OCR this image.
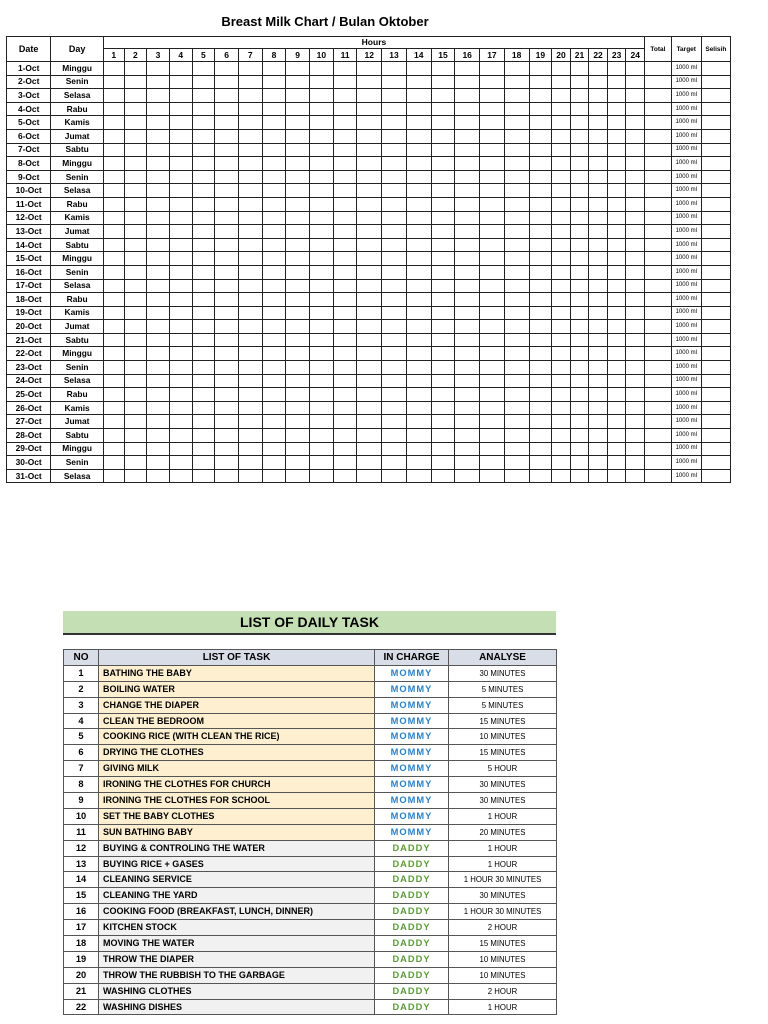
Breast Milk Chart / Bulan Oktober
Date	Day	Hours																								Total	Target	Selisih
		1	2	3	4	5	6	7	8	9	10	11	12	13	14	15	16	17	18	19	20	21	22	23	24			
1-Oct	Minggu																										1000 ml	
2-Oct	Senin																										1000 ml	
3-Oct	Selasa																										1000 ml	
4-Oct	Rabu																										1000 ml	
5-Oct	Kamis																										1000 ml	
6-Oct	Jumat																										1000 ml	
7-Oct	Sabtu																										1000 ml	
8-Oct	Minggu																										1000 ml	
9-Oct	Senin																										1000 ml	
10-Oct	Selasa																										1000 ml	
11-Oct	Rabu																										1000 ml	
12-Oct	Kamis																										1000 ml	
13-Oct	Jumat																										1000 ml	
14-Oct	Sabtu																										1000 ml	
15-Oct	Minggu																										1000 ml	
16-Oct	Senin																										1000 ml	
17-Oct	Selasa																										1000 ml	
18-Oct	Rabu																										1000 ml	
19-Oct	Kamis																										1000 ml	
20-Oct	Jumat																										1000 ml	
21-Oct	Sabtu																										1000 ml	
22-Oct	Minggu																										1000 ml	
23-Oct	Senin																										1000 ml	
24-Oct	Selasa																										1000 ml	
25-Oct	Rabu																										1000 ml	
26-Oct	Kamis																										1000 ml	
27-Oct	Jumat																										1000 ml	
28-Oct	Sabtu																										1000 ml	
29-Oct	Minggu																										1000 ml	
30-Oct	Senin																										1000 ml	
31-Oct	Selasa																										1000 ml	
LIST OF DAILY TASK
NO	LIST OF TASK	IN CHARGE	ANALYSE
1	BATHING THE BABY	MOMMY	30 MINUTES
2	BOILING WATER	MOMMY	5 MINUTES
3	CHANGE THE DIAPER	MOMMY	5 MINUTES
4	CLEAN THE BEDROOM	MOMMY	15 MINUTES
5	COOKING RICE (WITH CLEAN THE RICE)	MOMMY	10 MINUTES
6	DRYING THE CLOTHES	MOMMY	15 MINUTES
7	GIVING MILK	MOMMY	5 HOUR
8	IRONING THE CLOTHES FOR CHURCH	MOMMY	30 MINUTES
9	IRONING THE CLOTHES FOR SCHOOL	MOMMY	30 MINUTES
10	SET THE BABY CLOTHES	MOMMY	1 HOUR
11	SUN BATHING BABY	MOMMY	20 MINUTES
12	BUYING & CONTROLING THE WATER	DADDY	1 HOUR
13	BUYING RICE + GASES	DADDY	1 HOUR
14	CLEANING SERVICE	DADDY	1 HOUR 30 MINUTES
15	CLEANING THE YARD	DADDY	30 MINUTES
16	COOKING FOOD (BREAKFAST, LUNCH, DINNER)	DADDY	1 HOUR 30 MINUTES
17	KITCHEN STOCK	DADDY	2 HOUR
18	MOVING THE WATER	DADDY	15 MINUTES
19	THROW THE DIAPER	DADDY	10 MINUTES
20	THROW THE RUBBISH TO THE GARBAGE	DADDY	10 MINUTES
21	WASHING CLOTHES	DADDY	2 HOUR
22	WASHING DISHES	DADDY	1 HOUR
